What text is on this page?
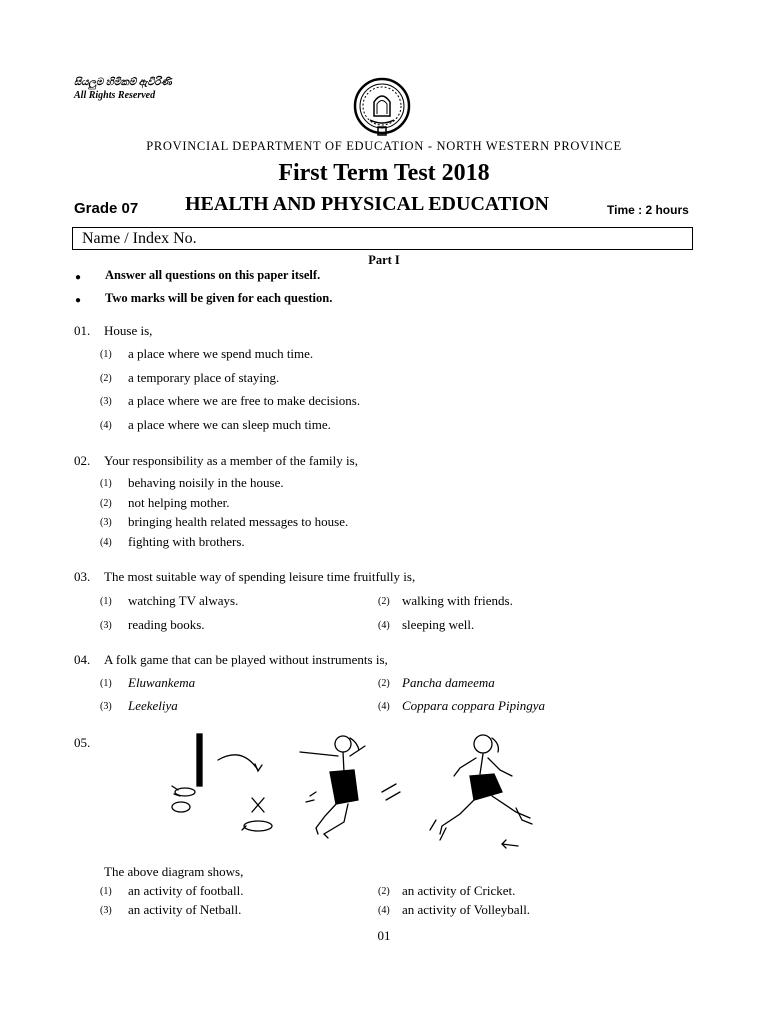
සියලුම හිමිකම් ඇවිරිණි
All Rights Reserved
PROVINCIAL DEPARTMENT OF EDUCATION - NORTH WESTERN PROVINCE
First Term Test 2018
Grade 07 HEALTH AND PHYSICAL EDUCATION	Time : 2 hours
Name / Index No.
Part I
● Answer all questions on this paper itself.
● Two marks will be given for each question.
01. House is,
(1) a place where we spend much time.
(2) a temporary place of staying.
(3) a place where we are free to make decisions.
(4) a place where we can sleep much time.
02. Your responsibility as a member of the family is,
(1) behaving noisily in the house.
(2) not helping mother.
(3) bringing health related messages to house.
(4) fighting with brothers.
03. The most suitable way of spending leisure time fruitfully is,
(1) watching TV always.	(2) walking with friends.
(3) reading books.	(4) sleeping well.
04. A folk game that can be played without instruments is,
(1) Eluwankema	(2) Pancha dameema
(3) Leekeliya	(4) Coppara coppara Pipingya
05.
The above diagram shows,
(1) an activity of football.	(2) an activity of Cricket.
(3) an activity of Netball.	(4) an activity of Volleyball.
01
